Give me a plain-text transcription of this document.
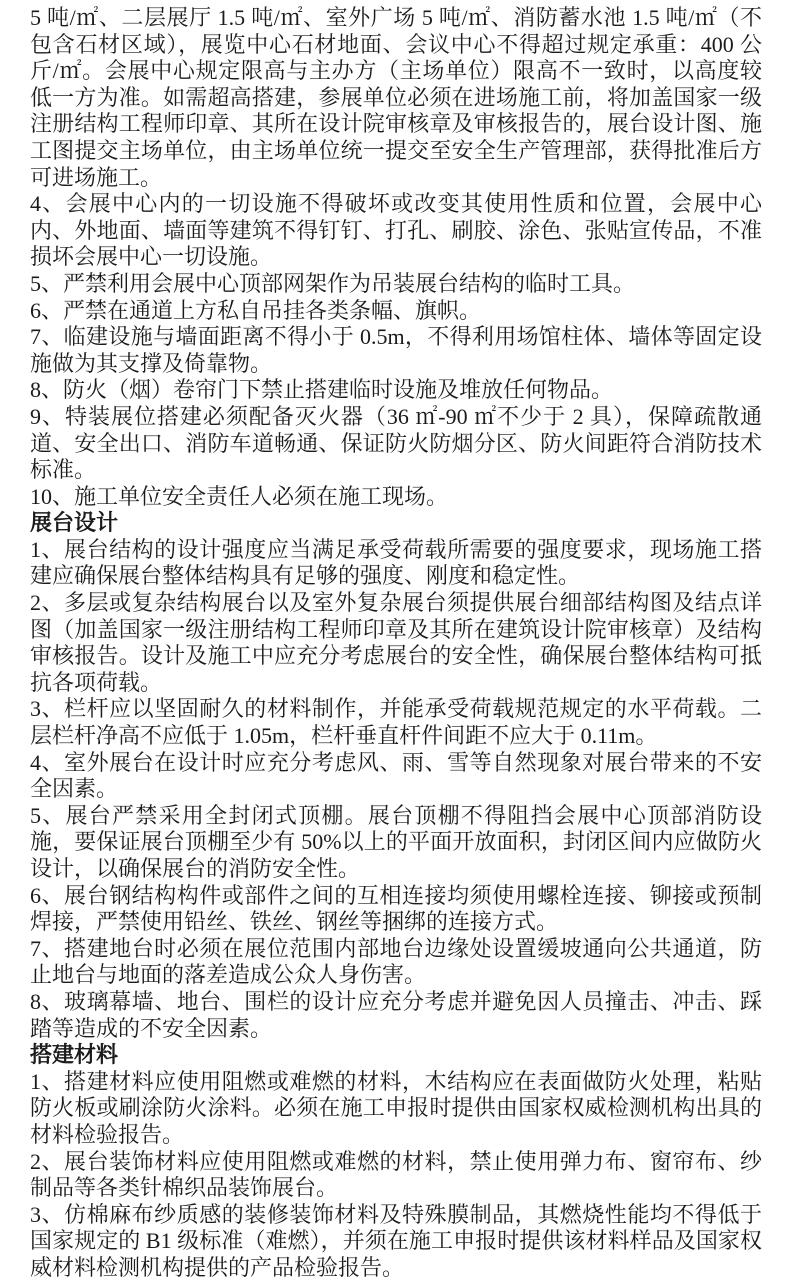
5 吨/㎡、二层展厅 1.5 吨/㎡、室外广场 5 吨/㎡、消防蓄水池 1.5 吨/㎡（不包含石材区域），展览中心石材地面、会议中心不得超过规定承重：400 公斤/㎡。会展中心规定限高与主办方（主场单位）限高不一致时，以高度较低一方为准。如需超高搭建，参展单位必须在进场施工前，将加盖国家一级注册结构工程师印章、其所在设计院审核章及审核报告的，展台设计图、施工图提交主场单位，由主场单位统一提交至安全生产管理部，获得批准后方可进场施工。

4、会展中心内的一切设施不得破坏或改变其使用性质和位置，会展中心内、外地面、墙面等建筑不得钉钉、打孔、刷胶、涂色、张贴宣传品，不准损坏会展中心一切设施。

5、严禁利用会展中心顶部网架作为吊装展台结构的临时工具。

6、严禁在通道上方私自吊挂各类条幅、旗帜。

7、临建设施与墙面距离不得小于 0.5m，不得利用场馆柱体、墙体等固定设施做为其支撑及倚靠物。

8、防火（烟）卷帘门下禁止搭建临时设施及堆放任何物品。

9、特装展位搭建必须配备灭火器（36 ㎡-90 ㎡不少于 2 具），保障疏散通道、安全出口、消防车道畅通、保证防火防烟分区、防火间距符合消防技术标准。

10、施工单位安全责任人必须在施工现场。

展台设计

1、展台结构的设计强度应当满足承受荷载所需要的强度要求，现场施工搭建应确保展台整体结构具有足够的强度、刚度和稳定性。

2、多层或复杂结构展台以及室外复杂展台须提供展台细部结构图及结点详图（加盖国家一级注册结构工程师印章及其所在建筑设计院审核章）及结构审核报告。设计及施工中应充分考虑展台的安全性，确保展台整体结构可抵抗各项荷载。

3、栏杆应以坚固耐久的材料制作，并能承受荷载规范规定的水平荷载。二层栏杆净高不应低于 1.05m，栏杆垂直杆件间距不应大于 0.11m。

4、室外展台在设计时应充分考虑风、雨、雪等自然现象对展台带来的不安全因素。

5、展台严禁采用全封闭式顶棚。展台顶棚不得阻挡会展中心顶部消防设施，要保证展台顶棚至少有 50%以上的平面开放面积，封闭区间内应做防火设计，以确保展台的消防安全性。

6、展台钢结构构件或部件之间的互相连接均须使用螺栓连接、铆接或预制焊接，严禁使用铅丝、铁丝、钢丝等捆绑的连接方式。

7、搭建地台时必须在展位范围内部地台边缘处设置缓坡通向公共通道，防止地台与地面的落差造成公众人身伤害。

8、玻璃幕墙、地台、围栏的设计应充分考虑并避免因人员撞击、冲击、踩踏等造成的不安全因素。

搭建材料

1、搭建材料应使用阻燃或难燃的材料，木结构应在表面做防火处理，粘贴防火板或刷涂防火涂料。必须在施工申报时提供由国家权威检测机构出具的材料检验报告。

2、展台装饰材料应使用阻燃或难燃的材料，禁止使用弹力布、窗帘布、纱制品等各类针棉织品装饰展台。

3、仿棉麻布纱质感的装修装饰材料及特殊膜制品，其燃烧性能均不得低于国家规定的 B1 级标准（难燃），并须在施工申报时提供该材料样品及国家权威材料检测机构提供的产品检验报告。
